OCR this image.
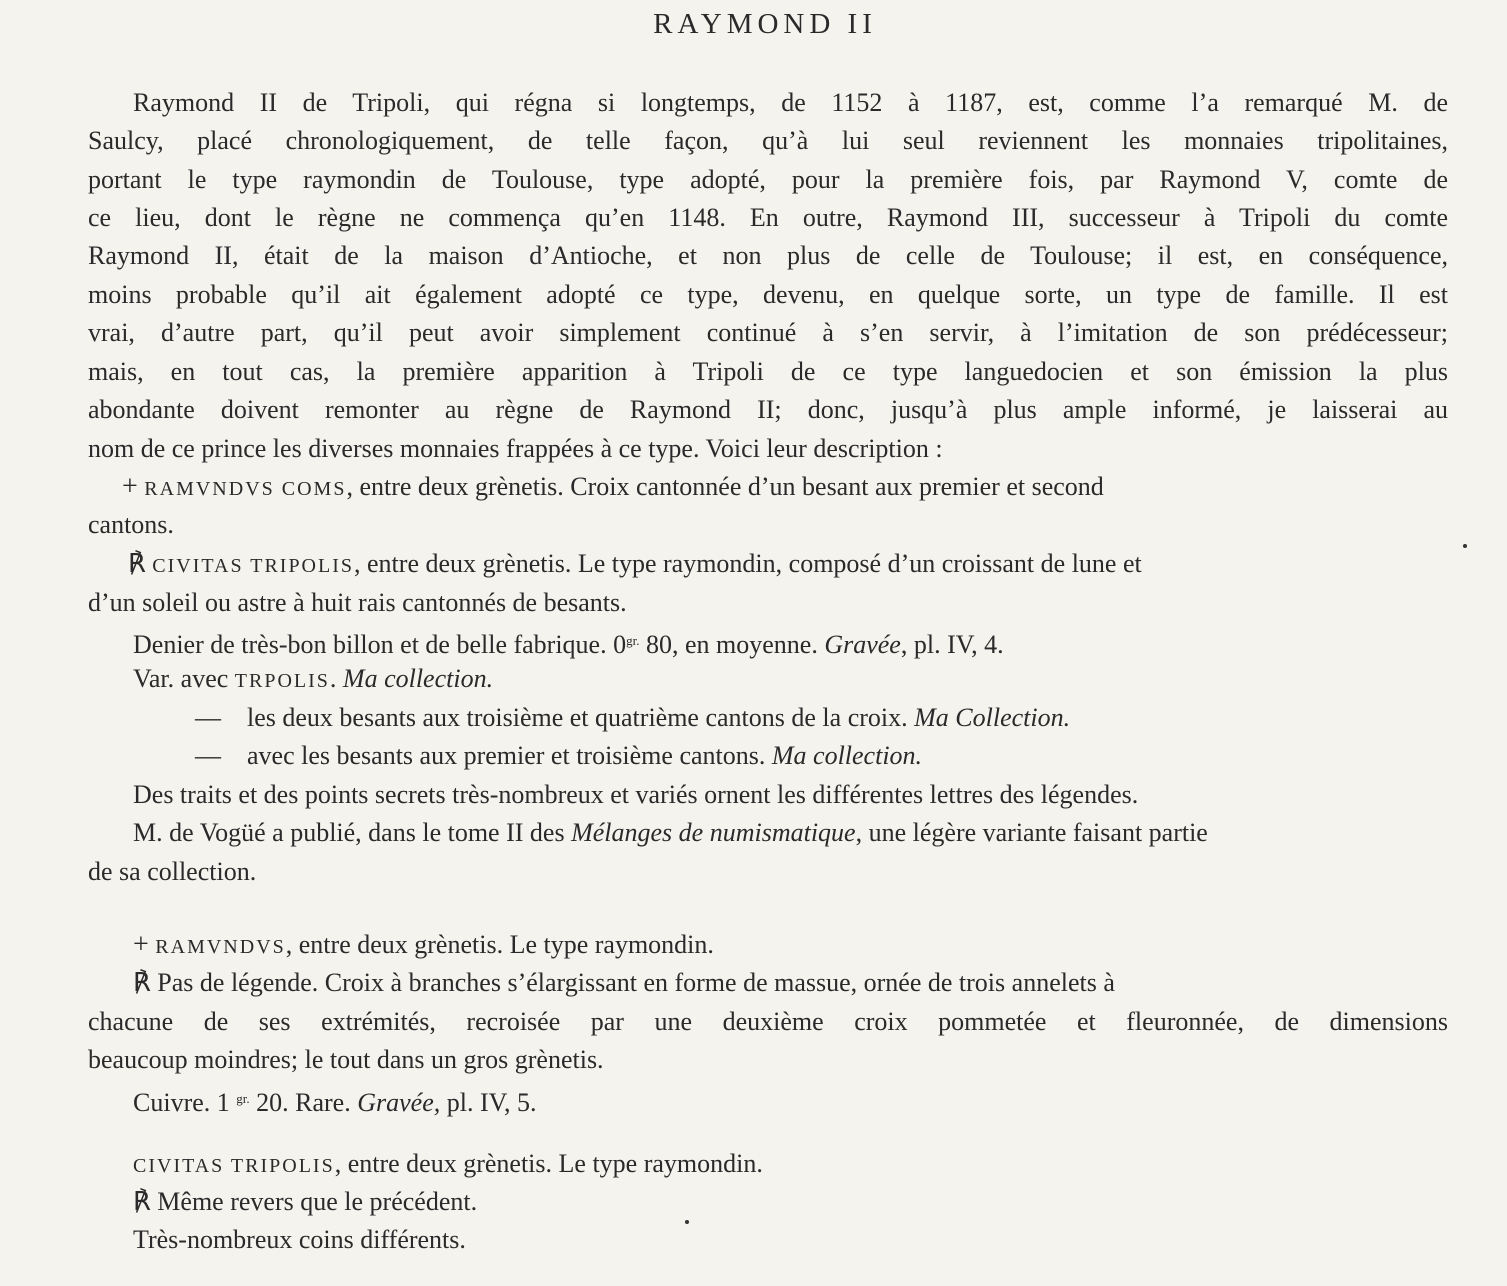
RAYMOND II
Raymond II de Tripoli, qui régna si longtemps, de 1152 à 1187, est, comme l’a remarqué M. de
Saulcy, placé chronologiquement, de telle façon, qu’à lui seul reviennent les monnaies tripolitaines,
portant le type raymondin de Toulouse, type adopté, pour la première fois, par Raymond V, comte de
ce lieu, dont le règne ne commença qu’en 1148. En outre, Raymond III, successeur à Tripoli du comte
Raymond II, était de la maison d’Antioche, et non plus de celle de Toulouse; il est, en conséquence,
moins probable qu’il ait également adopté ce type, devenu, en quelque sorte, un type de famille. Il est
vrai, d’autre part, qu’il peut avoir simplement continué à s’en servir, à l’imitation de son prédécesseur;
mais, en tout cas, la première apparition à Tripoli de ce type languedocien et son émission la plus
abondante doivent remonter au règne de Raymond II; donc, jusqu’à plus ample informé, je laisserai au
nom de ce prince les diverses monnaies frappées à ce type. Voici leur description :
+ RAMVNDVS COMS, entre deux grènetis. Croix cantonnée d’un besant aux premier et second
cantons.
℟ CIVITAS TRIPOLIS, entre deux grènetis. Le type raymondin, composé d’un croissant de lune et
d’un soleil ou astre à huit rais cantonnés de besants.
Denier de très-bon billon et de belle fabrique. $0^{gr.}$ 80, en moyenne. Gravée, pl. IV, 4.
Var. avec TRPOLIS. Ma collection.
— les deux besants aux troisième et quatrième cantons de la croix. Ma Collection.
— avec les besants aux premier et troisième cantons. Ma collection.
Des traits et des points secrets très-nombreux et variés ornent les différentes lettres des légendes.
M. de Vogüé a publié, dans le tome II des Mélanges de numismatique, une légère variante faisant partie
de sa collection.
+ RAMVNDVS, entre deux grènetis. Le type raymondin.
℟ Pas de légende. Croix à branches s’élargissant en forme de massue, ornée de trois annelets à
chacune de ses extrémités, recroisée par une deuxième croix pommetée et fleuronnée, de dimensions
beaucoup moindres; le tout dans un gros grènetis.
Cuivre. 1 $^{gr.}$ 20. Rare. Gravée, pl. IV, 5.
CIVITAS TRIPOLIS, entre deux grènetis. Le type raymondin.
℟ Même revers que le précédent.
Très-nombreux coins différents.
